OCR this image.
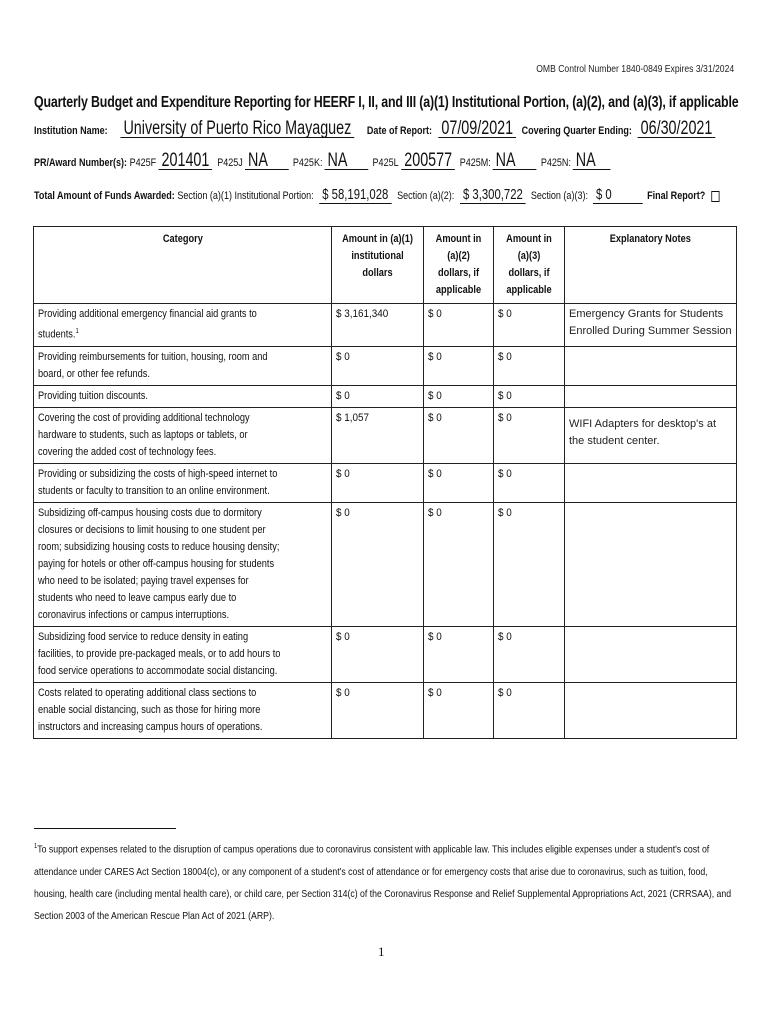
OMB Control Number 1840-0849 Expires 3/31/2024
Quarterly Budget and Expenditure Reporting for HEERF I, II, and III (a)(1) Institutional Portion, (a)(2), and (a)(3), if applicable
Institution Name: University of Puerto Rico Mayaguez Date of Report: 07/09/2021 Covering Quarter Ending: 06/30/2021
PR/Award Number(s): P425F 201401 P425J NA P425K: NA P425L 200577 P425M: NA P425N: NA
Total Amount of Funds Awarded: Section (a)(1) Institutional Portion: $ 58,191,028 Section (a)(2): $ 3,300,722 Section (a)(3): $ 0	Final Report?
Category	Amount in (a)(1) institutional dollars	Amount in (a)(2) dollars, if applicable	Amount in (a)(3) dollars, if applicable	Explanatory Notes
Providing additional emergency financial aid grants to students.$^1$	$ 3,161,340	$ 0	$ 0	Emergency Grants for Students Enrolled During Summer Session
Providing reimbursements for tuition, housing, room and board, or other fee refunds.	$ 0	$ 0	$ 0	
Providing tuition discounts.	$ 0	$ 0	$ 0	
Covering the cost of providing additional technology hardware to students, such as laptops or tablets, or covering the added cost of technology fees.	$ 1,057	$ 0	$ 0	WIFI Adapters for desktop's at the student center.
Providing or subsidizing the costs of high-speed internet to students or faculty to transition to an online environment.	$ 0	$ 0	$ 0	
Subsidizing off-campus housing costs due to dormitory closures or decisions to limit housing to one student per room; subsidizing housing costs to reduce housing density; paying for hotels or other off-campus housing for students who need to be isolated; paying travel expenses for students who need to leave campus early due to coronavirus infections or campus interruptions.	$ 0	$ 0	$ 0	
Subsidizing food service to reduce density in eating facilities, to provide pre-packaged meals, or to add hours to food service operations to accommodate social distancing.	$ 0	$ 0	$ 0	
Costs related to operating additional class sections to enable social distancing, such as those for hiring more instructors and increasing campus hours of operations.	$ 0	$ 0	$ 0	
$^1$To support expenses related to the disruption of campus operations due to coronavirus consistent with applicable law. This includes eligible expenses under a student's cost of attendance under CARES Act Section 18004(c), or any component of a student's cost of attendance or for emergency costs that arise due to coronavirus, such as tuition, food, housing, health care (including mental health care), or child care, per Section 314(c) of the Coronavirus Response and Relief Supplemental Appropriations Act, 2021 (CRRSAA), and Section 2003 of the American Rescue Plan Act of 2021 (ARP).
1
